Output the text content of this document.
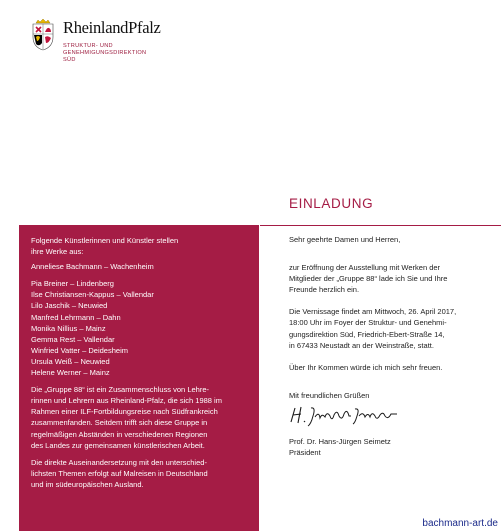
RheinlandPfalz
STRUKTUR- UND
GENEHMIGUNGSDIREKTION
SÜD
EINLADUNG

Folgende Künstlerinnen und Künstler stellen

ihre Werke aus:

Anneliese Bachmann – Wachenheim

Pia Breiner – Lindenberg

Ilse Christiansen-Kappus – Vallendar

Lilo Jaschik – Neuwied

Manfred Lehrmann – Dahn

Monika Nillius – Mainz

Gemma Rest – Vallendar

Winfried Vatter – Deidesheim

Ursula Weiß – Neuwied

Helene Werner – Mainz

Die „Gruppe 88“ ist ein Zusammenschluss von Lehre-

rinnen und Lehrern aus Rheinland-Pfalz, die sich 1988 im

Rahmen einer ILF-Fortbildungsreise nach Südfrankreich

zusammenfanden. Seitdem trifft sich diese Gruppe in

regelmäßigen Abständen in verschiedenen Regionen

des Landes zur gemeinsamen künstlerischen Arbeit.

Die direkte Auseinandersetzung mit den unterschied-

lichsten Themen erfolgt auf Malreisen in Deutschland

und im südeuropäischen Ausland.

Sehr geehrte Damen und Herren,

zur Eröffnung der Ausstellung mit Werken der

Mitglieder der „Gruppe 88“ lade ich Sie und Ihre

Freunde herzlich ein.

Die Vernissage findet am Mittwoch, 26. April 2017,

18:00 Uhr im Foyer der Struktur- und Genehmi-

gungsdirektion Süd, Friedrich-Ebert-Straße 14,

in 67433 Neustadt an der Weinstraße, statt.

Über Ihr Kommen würde ich mich sehr freuen.

Mit freundlichen Grüßen

Prof. Dr. Hans-Jürgen Seimetz

Präsident

bachmann-art.de
